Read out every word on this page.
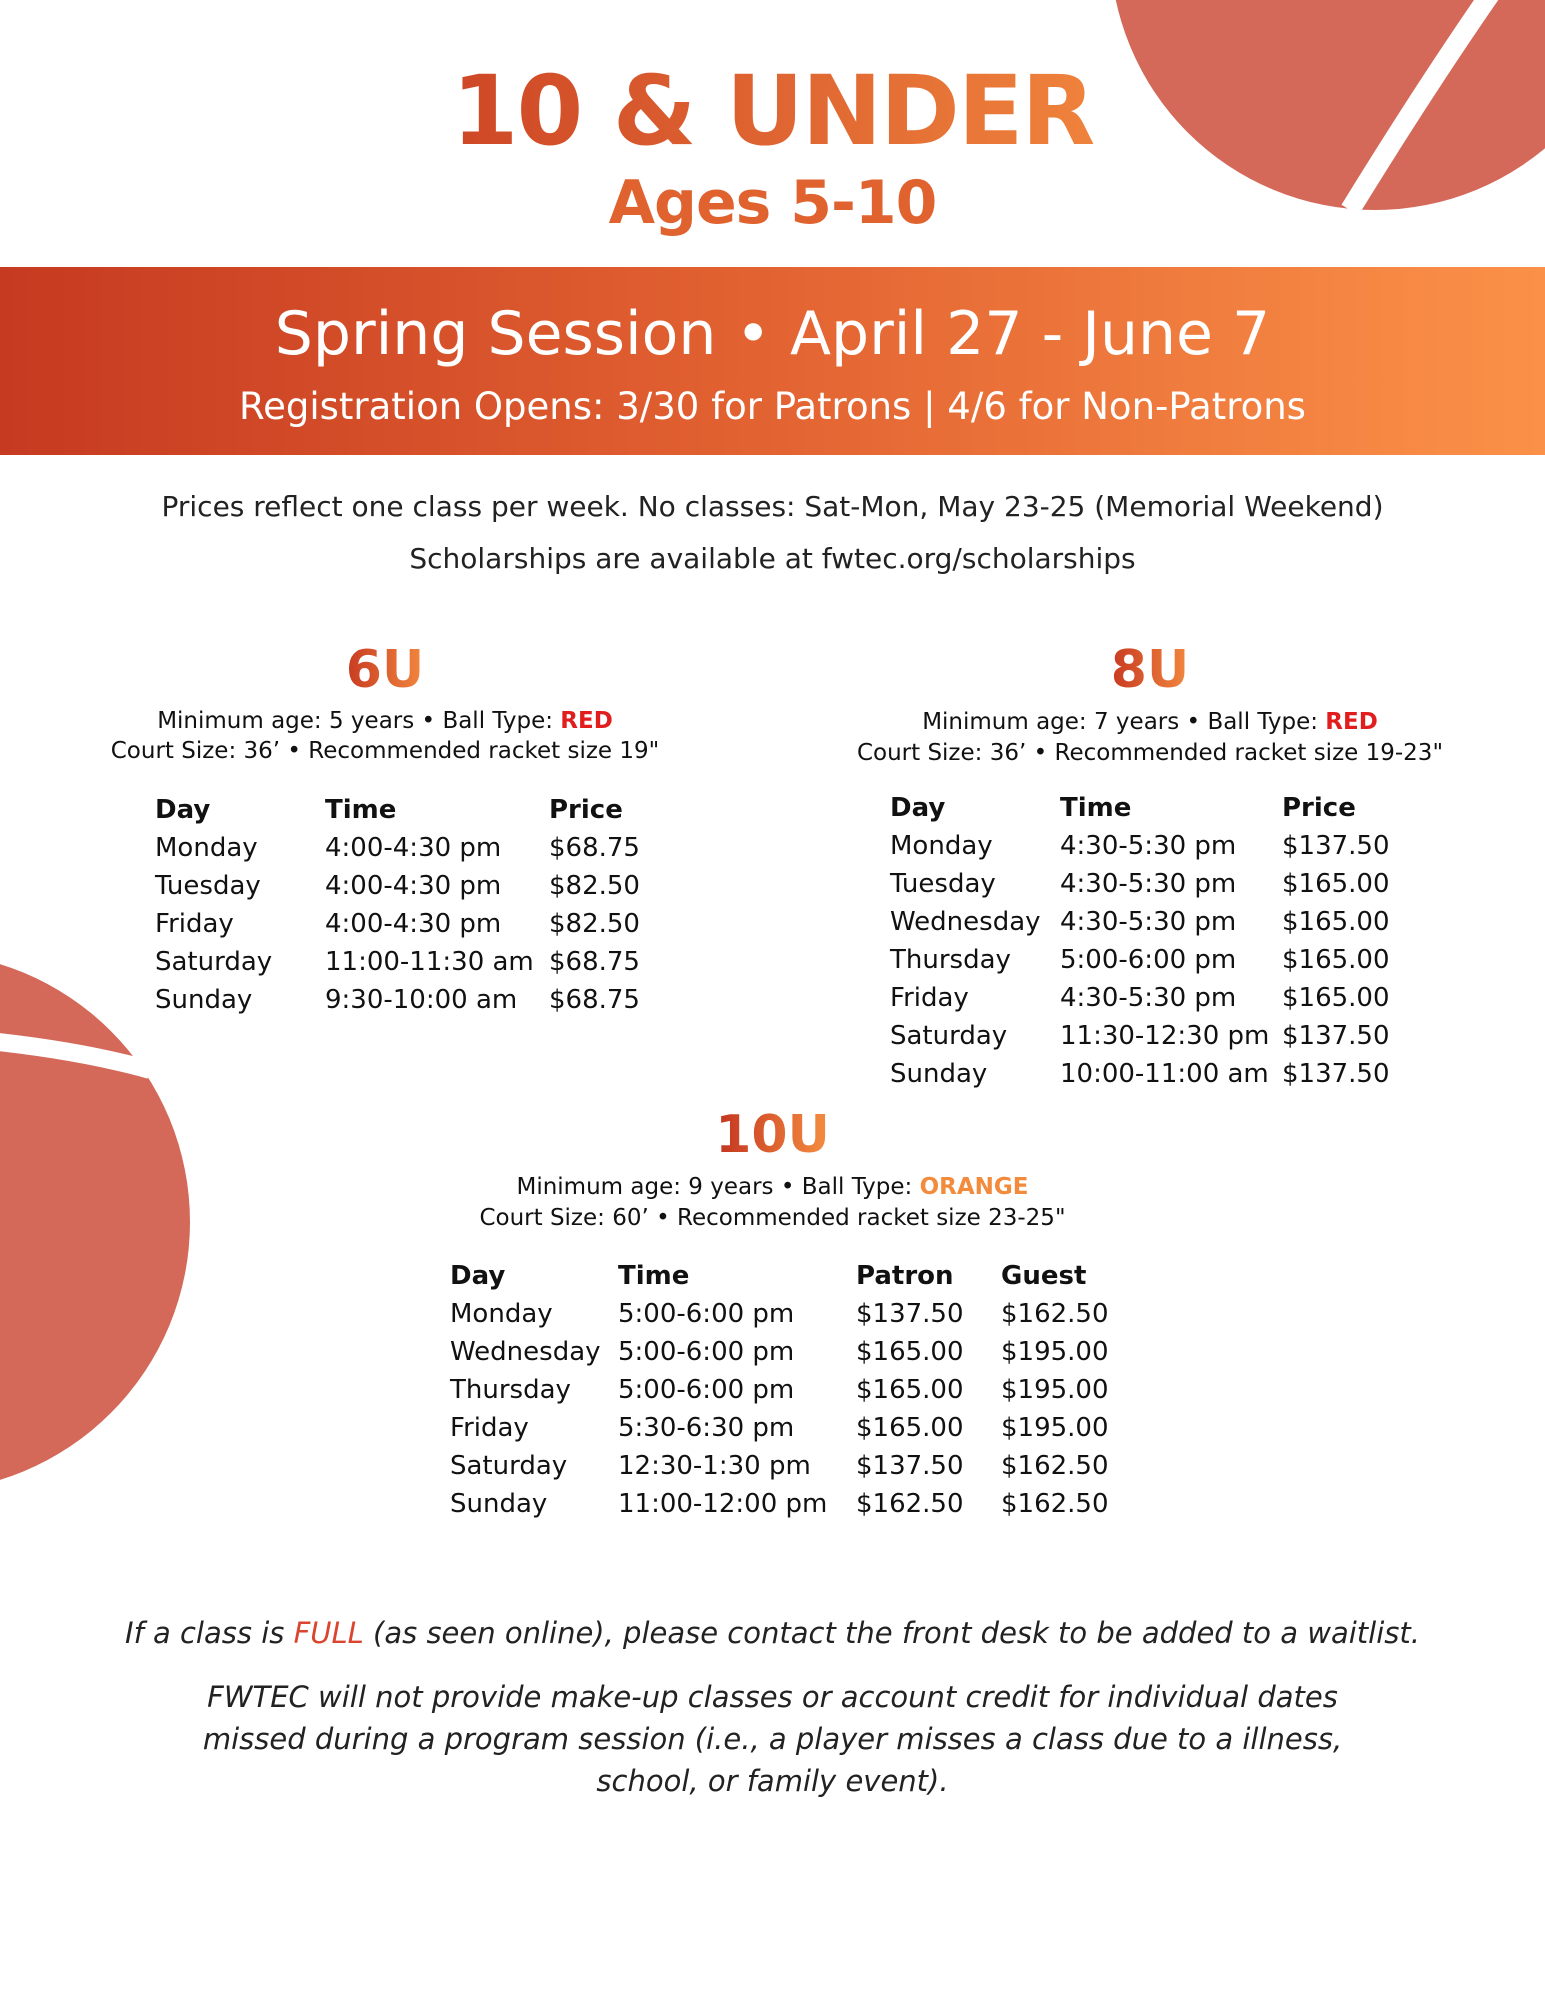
10 & UNDER
Ages 5-10
Spring Session • April 27 - June 7
Registration Opens: 3/30 for Patrons | 4/6 for Non-Patrons
Prices reflect one class per week. No classes: Sat-Mon, May 23-25 (Memorial Weekend)
Scholarships are available at fwtec.org/scholarships
6U
Minimum age: 5 years • Ball Type: RED
Court Size: 36’ • Recommended racket size 19"
Day	Time	Price
Monday	4:00-4:30 pm	$68.75
Tuesday	4:00-4:30 pm	$82.50
Friday	4:00-4:30 pm	$82.50
Saturday	11:00-11:30 am	$68.75
Sunday	9:30-10:00 am	$68.75
8U
Minimum age: 7 years • Ball Type: RED
Court Size: 36’ • Recommended racket size 19-23"
Day	Time	Price
Monday	4:30-5:30 pm	$137.50
Tuesday	4:30-5:30 pm	$165.00
Wednesday	4:30-5:30 pm	$165.00
Thursday	5:00-6:00 pm	$165.00
Friday	4:30-5:30 pm	$165.00
Saturday	11:30-12:30 pm	$137.50
Sunday	10:00-11:00 am	$137.50
10U
Minimum age: 9 years • Ball Type: ORANGE
Court Size: 60’ • Recommended racket size 23-25"
Day	Time	Patron	Guest
Monday	5:00-6:00 pm	$137.50	$162.50
Wednesday	5:00-6:00 pm	$165.00	$195.00
Thursday	5:00-6:00 pm	$165.00	$195.00
Friday	5:30-6:30 pm	$165.00	$195.00
Saturday	12:30-1:30 pm	$137.50	$162.50
Sunday	11:00-12:00 pm	$162.50	$162.50
If a class is FULL (as seen online), please contact the front desk to be added to a waitlist.
FWTEC will not provide make-up classes or account credit for individual dates
missed during a program session (i.e., a player misses a class due to a illness,
school, or family event).
